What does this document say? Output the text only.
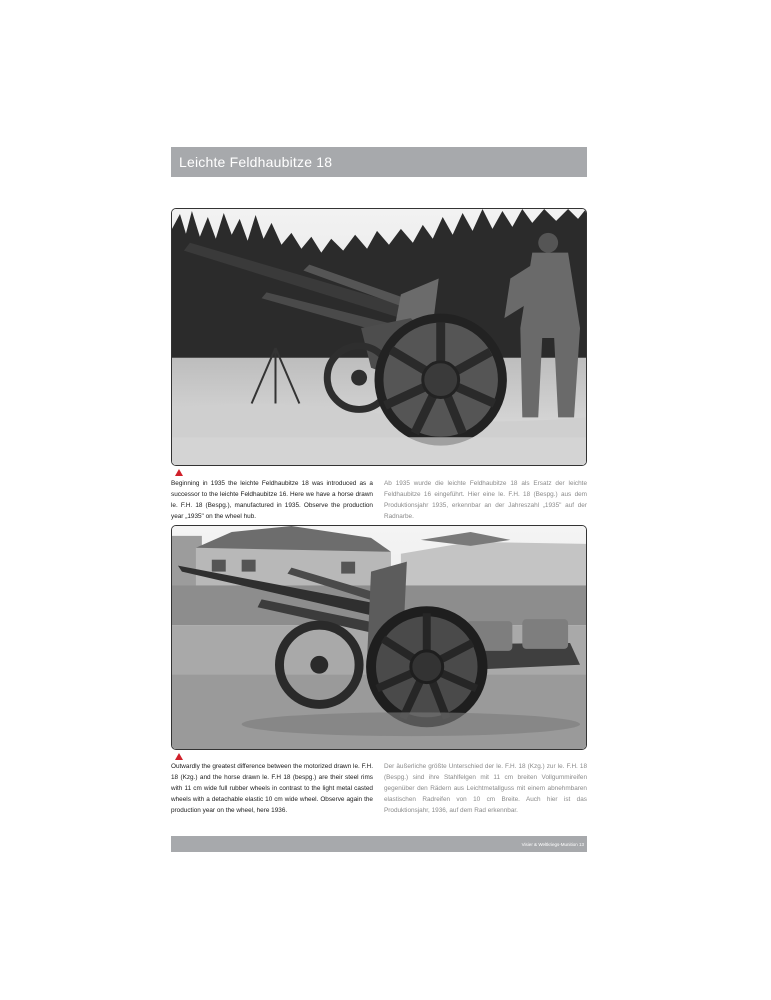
Leichte Feldhaubitze 18
Beginning in 1935 the leichte Feldhaubitze 18 was introduced as a successor to the leichte Feldhaubitze 16. Here we have a horse drawn le. F.H. 18 (Bespg.), manufactured in 1935. Observe the production year „1935" on the wheel hub.
Ab 1935 wurde die leichte Feldhaubitze 18 als Ersatz der leichte Feldhaubitze 16 eingeführt. Hier eine le. F.H. 18 (Bespg.) aus dem Produktionsjahr 1935, erkennbar an der Jahreszahl „1935" auf der Radnarbe.
Outwardly the greatest difference between the motorized drawn le. F.H. 18 (Kzg.) and the horse drawn le. F.H 18 (bespg.) are their steel rims with 11 cm wide full rubber wheels in contrast to the light metal casted wheels with a detachable elastic 10 cm wide wheel. Observe again the production year on the wheel, here 1936.
Der äußerliche größte Unterschied der le. F.H. 18 (Kzg.) zur le. F.H. 18 (Bespg.) sind ihre Stahlfelgen mit 11 cm breiten Vollgummireifen gegenüber den Rädern aus Leichtmetallguss mit einem abnehmbaren elastischen Radreifen von 10 cm Breite. Auch hier ist das Produktionsjahr, 1936, auf dem Rad erkennbar.
Visier & Weltkriegs-Munition 13
